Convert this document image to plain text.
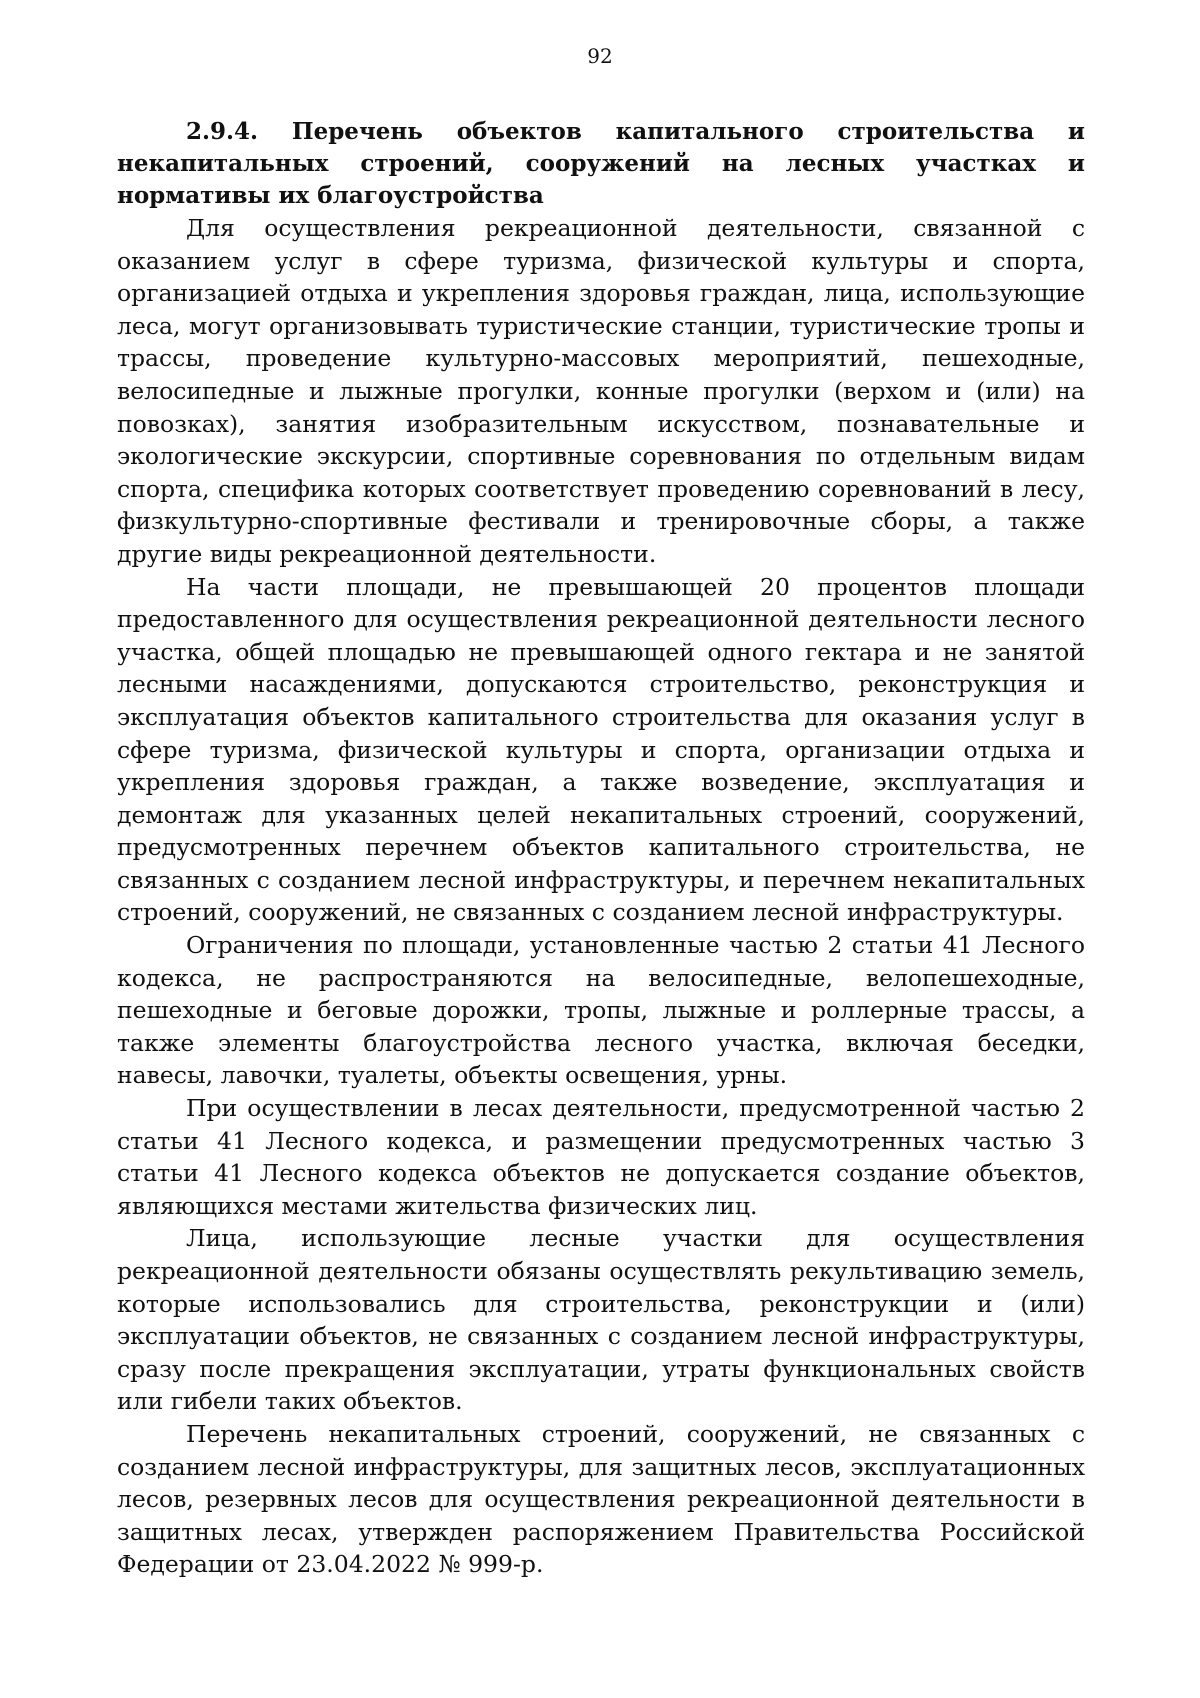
92

2.9.4. Перечень объектов капитального строительства и некапитальных строений, сооружений на лесных участках и нормативы их благоустройства

Для осуществления рекреационной деятельности, связанной с оказанием услуг в сфере туризма, физической культуры и спорта, организацией отдыха и укрепления здоровья граждан, лица, использующие леса, могут организовывать туристические станции, туристические тропы и трассы, проведение культурно-массовых мероприятий, пешеходные, велосипедные и лыжные прогулки, конные прогулки (верхом и (или) на повозках), занятия изобразительным искусством, познавательные и экологические экскурсии, спортивные соревнования по отдельным видам спорта, специфика которых соответствует проведению соревнований в лесу, физкультурно-спортивные фестивали и тренировочные сборы, а также другие виды рекреационной деятельности.

На части площади, не превышающей 20 процентов площади предоставленного для осуществления рекреационной деятельности лесного участка, общей площадью не превышающей одного гектара и не занятой лесными насаждениями, допускаются строительство, реконструкция и эксплуатация объектов капитального строительства для оказания услуг в сфере туризма, физической культуры и спорта, организации отдыха и укрепления здоровья граждан, а также возведение, эксплуатация и демонтаж для указанных целей некапитальных строений, сооружений, предусмотренных перечнем объектов капитального строительства, не связанных с созданием лесной инфраструктуры, и перечнем некапитальных строений, сооружений, не связанных с созданием лесной инфраструктуры.

Ограничения по площади, установленные частью 2 статьи 41 Лесного кодекса, не распространяются на велосипедные, велопешеходные, пешеходные и беговые дорожки, тропы, лыжные и роллерные трассы, а также элементы благоустройства лесного участка, включая беседки, навесы, лавочки, туалеты, объекты освещения, урны.

При осуществлении в лесах деятельности, предусмотренной частью 2 статьи 41 Лесного кодекса, и размещении предусмотренных частью 3 статьи 41 Лесного кодекса объектов не допускается создание объектов, являющихся местами жительства физических лиц.

Лица, использующие лесные участки для осуществления рекреационной деятельности обязаны осуществлять рекультивацию земель, которые использовались для строительства, реконструкции и (или) эксплуатации объектов, не связанных с созданием лесной инфраструктуры, сразу после прекращения эксплуатации, утраты функциональных свойств или гибели таких объектов.

Перечень некапитальных строений, сооружений, не связанных с созданием лесной инфраструктуры, для защитных лесов, эксплуатационных лесов, резервных лесов для осуществления рекреационной деятельности в защитных лесах, утвержден распоряжением Правительства Российской Федерации от 23.04.2022 № 999-р.
